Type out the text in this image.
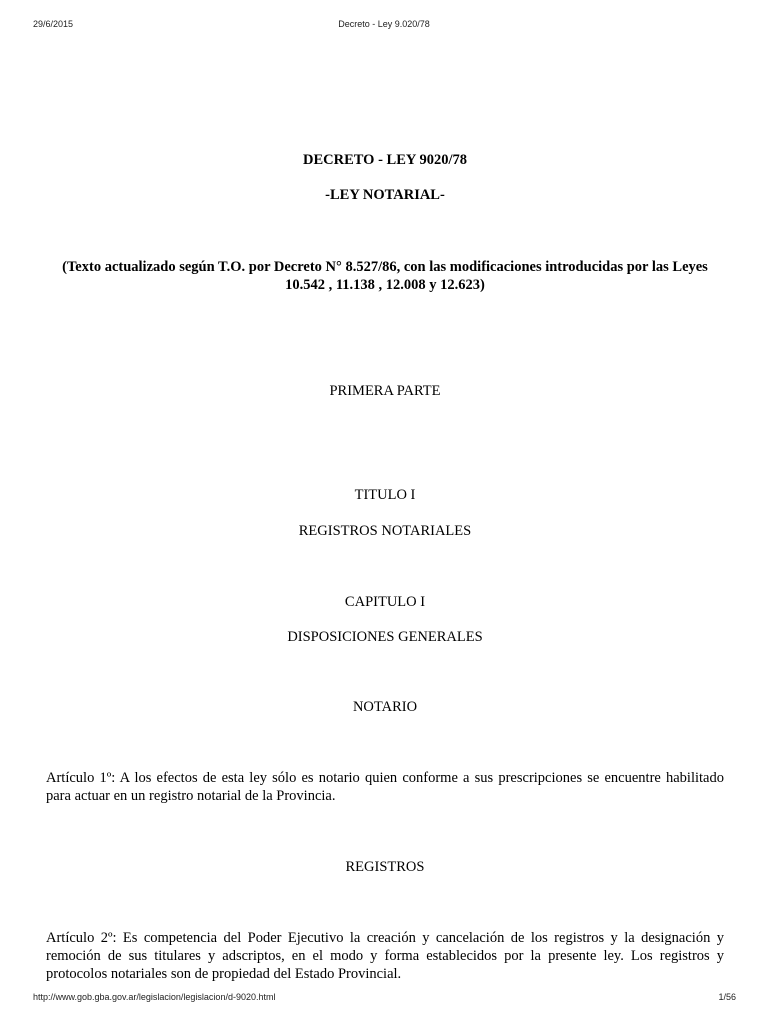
29/6/2015	Decreto - Ley 9.020/78
DECRETO - LEY 9020/78
-LEY NOTARIAL-
(Texto actualizado según T.O. por Decreto N° 8.527/86, con las modificaciones introducidas por las Leyes 10.542 , 11.138 , 12.008 y 12.623)
PRIMERA PARTE
TITULO I
REGISTROS NOTARIALES
CAPITULO I
DISPOSICIONES GENERALES
NOTARIO
Artículo 1º: A los efectos de esta ley sólo es notario quien conforme a sus prescripciones se encuentre habilitado para actuar en un registro notarial de la Provincia.
REGISTROS
Artículo 2º: Es competencia del Poder Ejecutivo la creación y cancelación de los registros y la designación y remoción de sus titulares y adscriptos, en el modo y forma establecidos por la presente ley. Los registros y protocolos notariales son de propiedad del Estado Provincial.
http://www.gob.gba.gov.ar/legislacion/legislacion/d-9020.html	1/56
